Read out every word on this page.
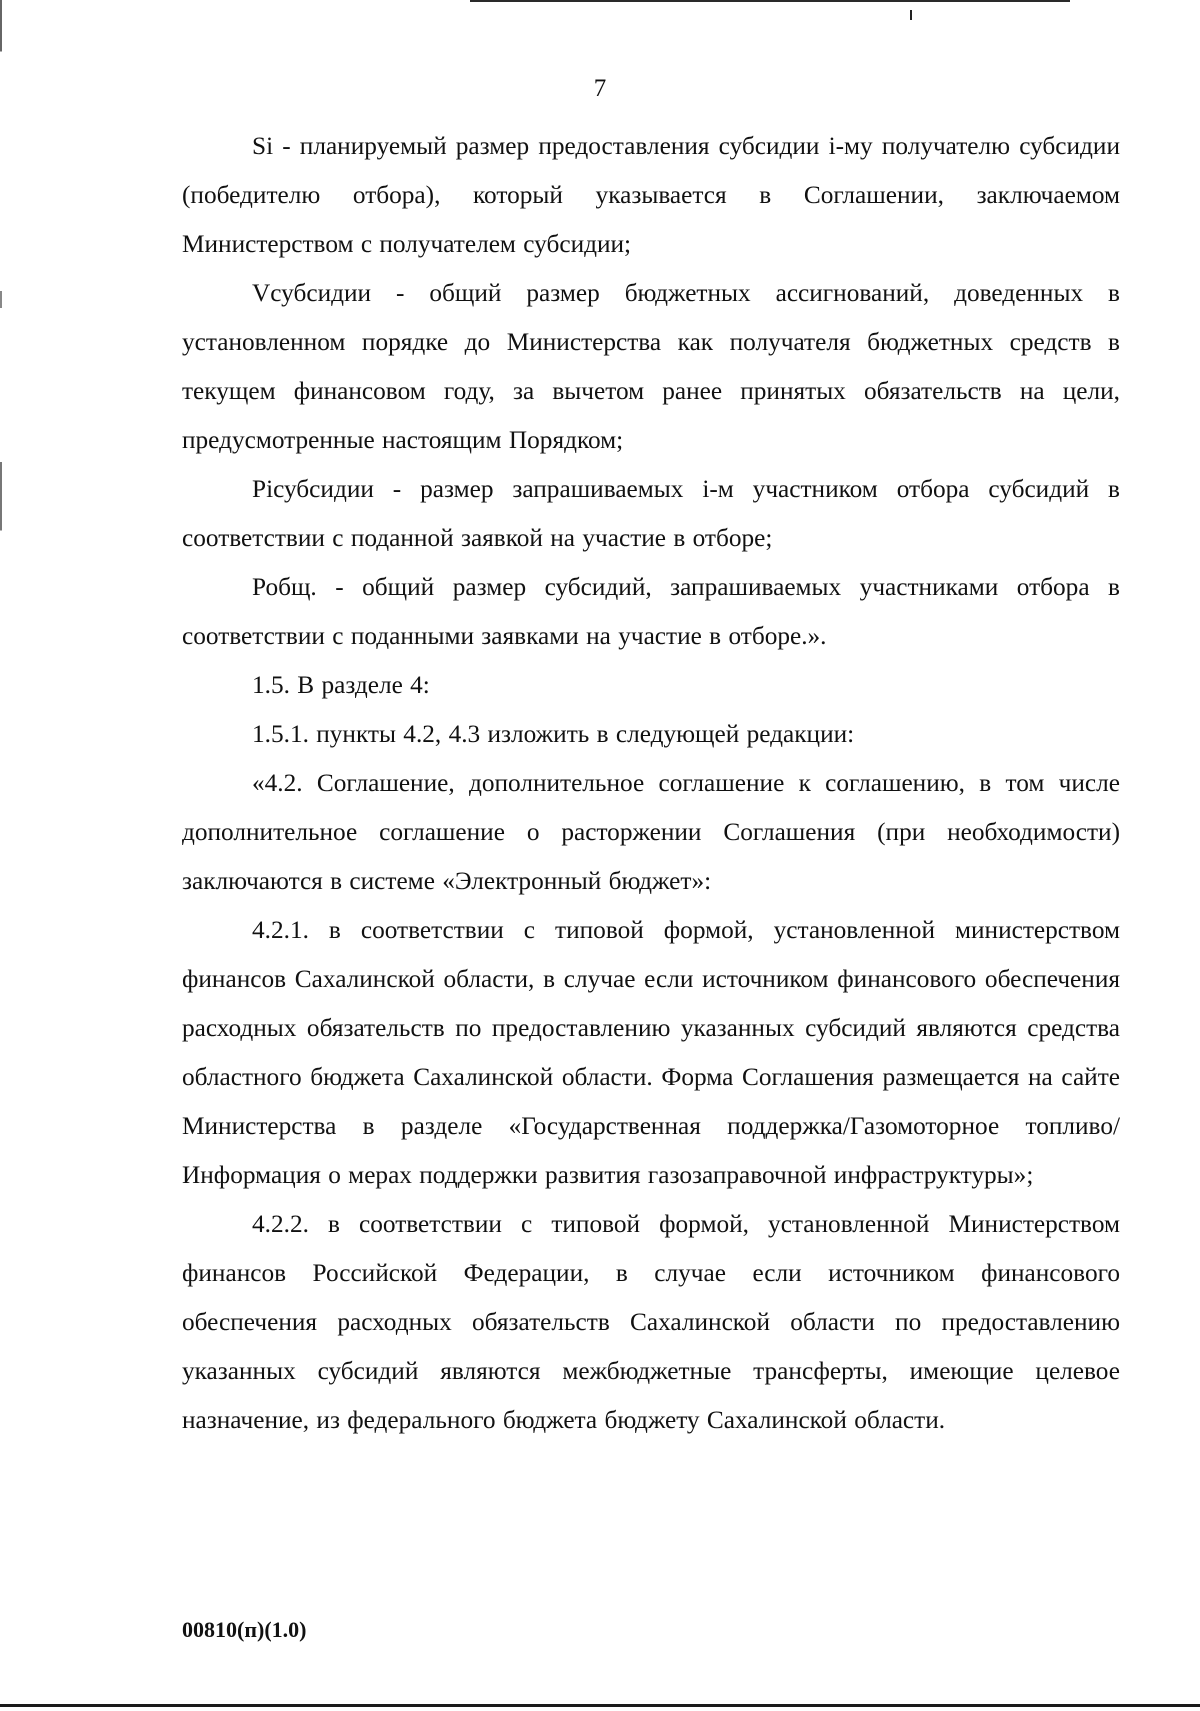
7

Si - планируемый размер предоставления субсидии i-му получателю субсидии (победителю отбора), который указывается в Соглашении, заключаемом Министерством с получателем субсидии;

Vсубсидии - общий размер бюджетных ассигнований, доведенных в установленном порядке до Министерства как получателя бюджетных средств в текущем финансовом году, за вычетом ранее принятых обязательств на цели, предусмотренные настоящим Порядком;

Piсубсидии - размер запрашиваемых i-м участником отбора субсидий в соответствии с поданной заявкой на участие в отборе;

Робщ. - общий размер субсидий, запрашиваемых участниками отбора в соответствии с поданными заявками на участие в отборе.».

1.5. В разделе 4:

1.5.1. пункты 4.2, 4.3 изложить в следующей редакции:

«4.2. Соглашение, дополнительное соглашение к соглашению, в том числе дополнительное соглашение о расторжении Соглашения (при необходимости) заключаются в системе «Электронный бюджет»:

4.2.1. в соответствии с типовой формой, установленной министерством финансов Сахалинской области, в случае если источником финансового обеспечения расходных обязательств по предоставлению указанных субсидий являются средства областного бюджета Сахалинской области. Форма Соглашения размещается на сайте Министерства в разделе «Государственная поддержка/Газомоторное топливо/Информация о мерах поддержки развития газозаправочной инфраструктуры»;

4.2.2. в соответствии с типовой формой, установленной Министерством финансов Российской Федерации, в случае если источником финансового обеспечения расходных обязательств Сахалинской области по предоставлению указанных субсидий являются межбюджетные трансферты, имеющие целевое назначение, из федерального бюджета бюджету Сахалинской области.

00810(п)(1.0)
